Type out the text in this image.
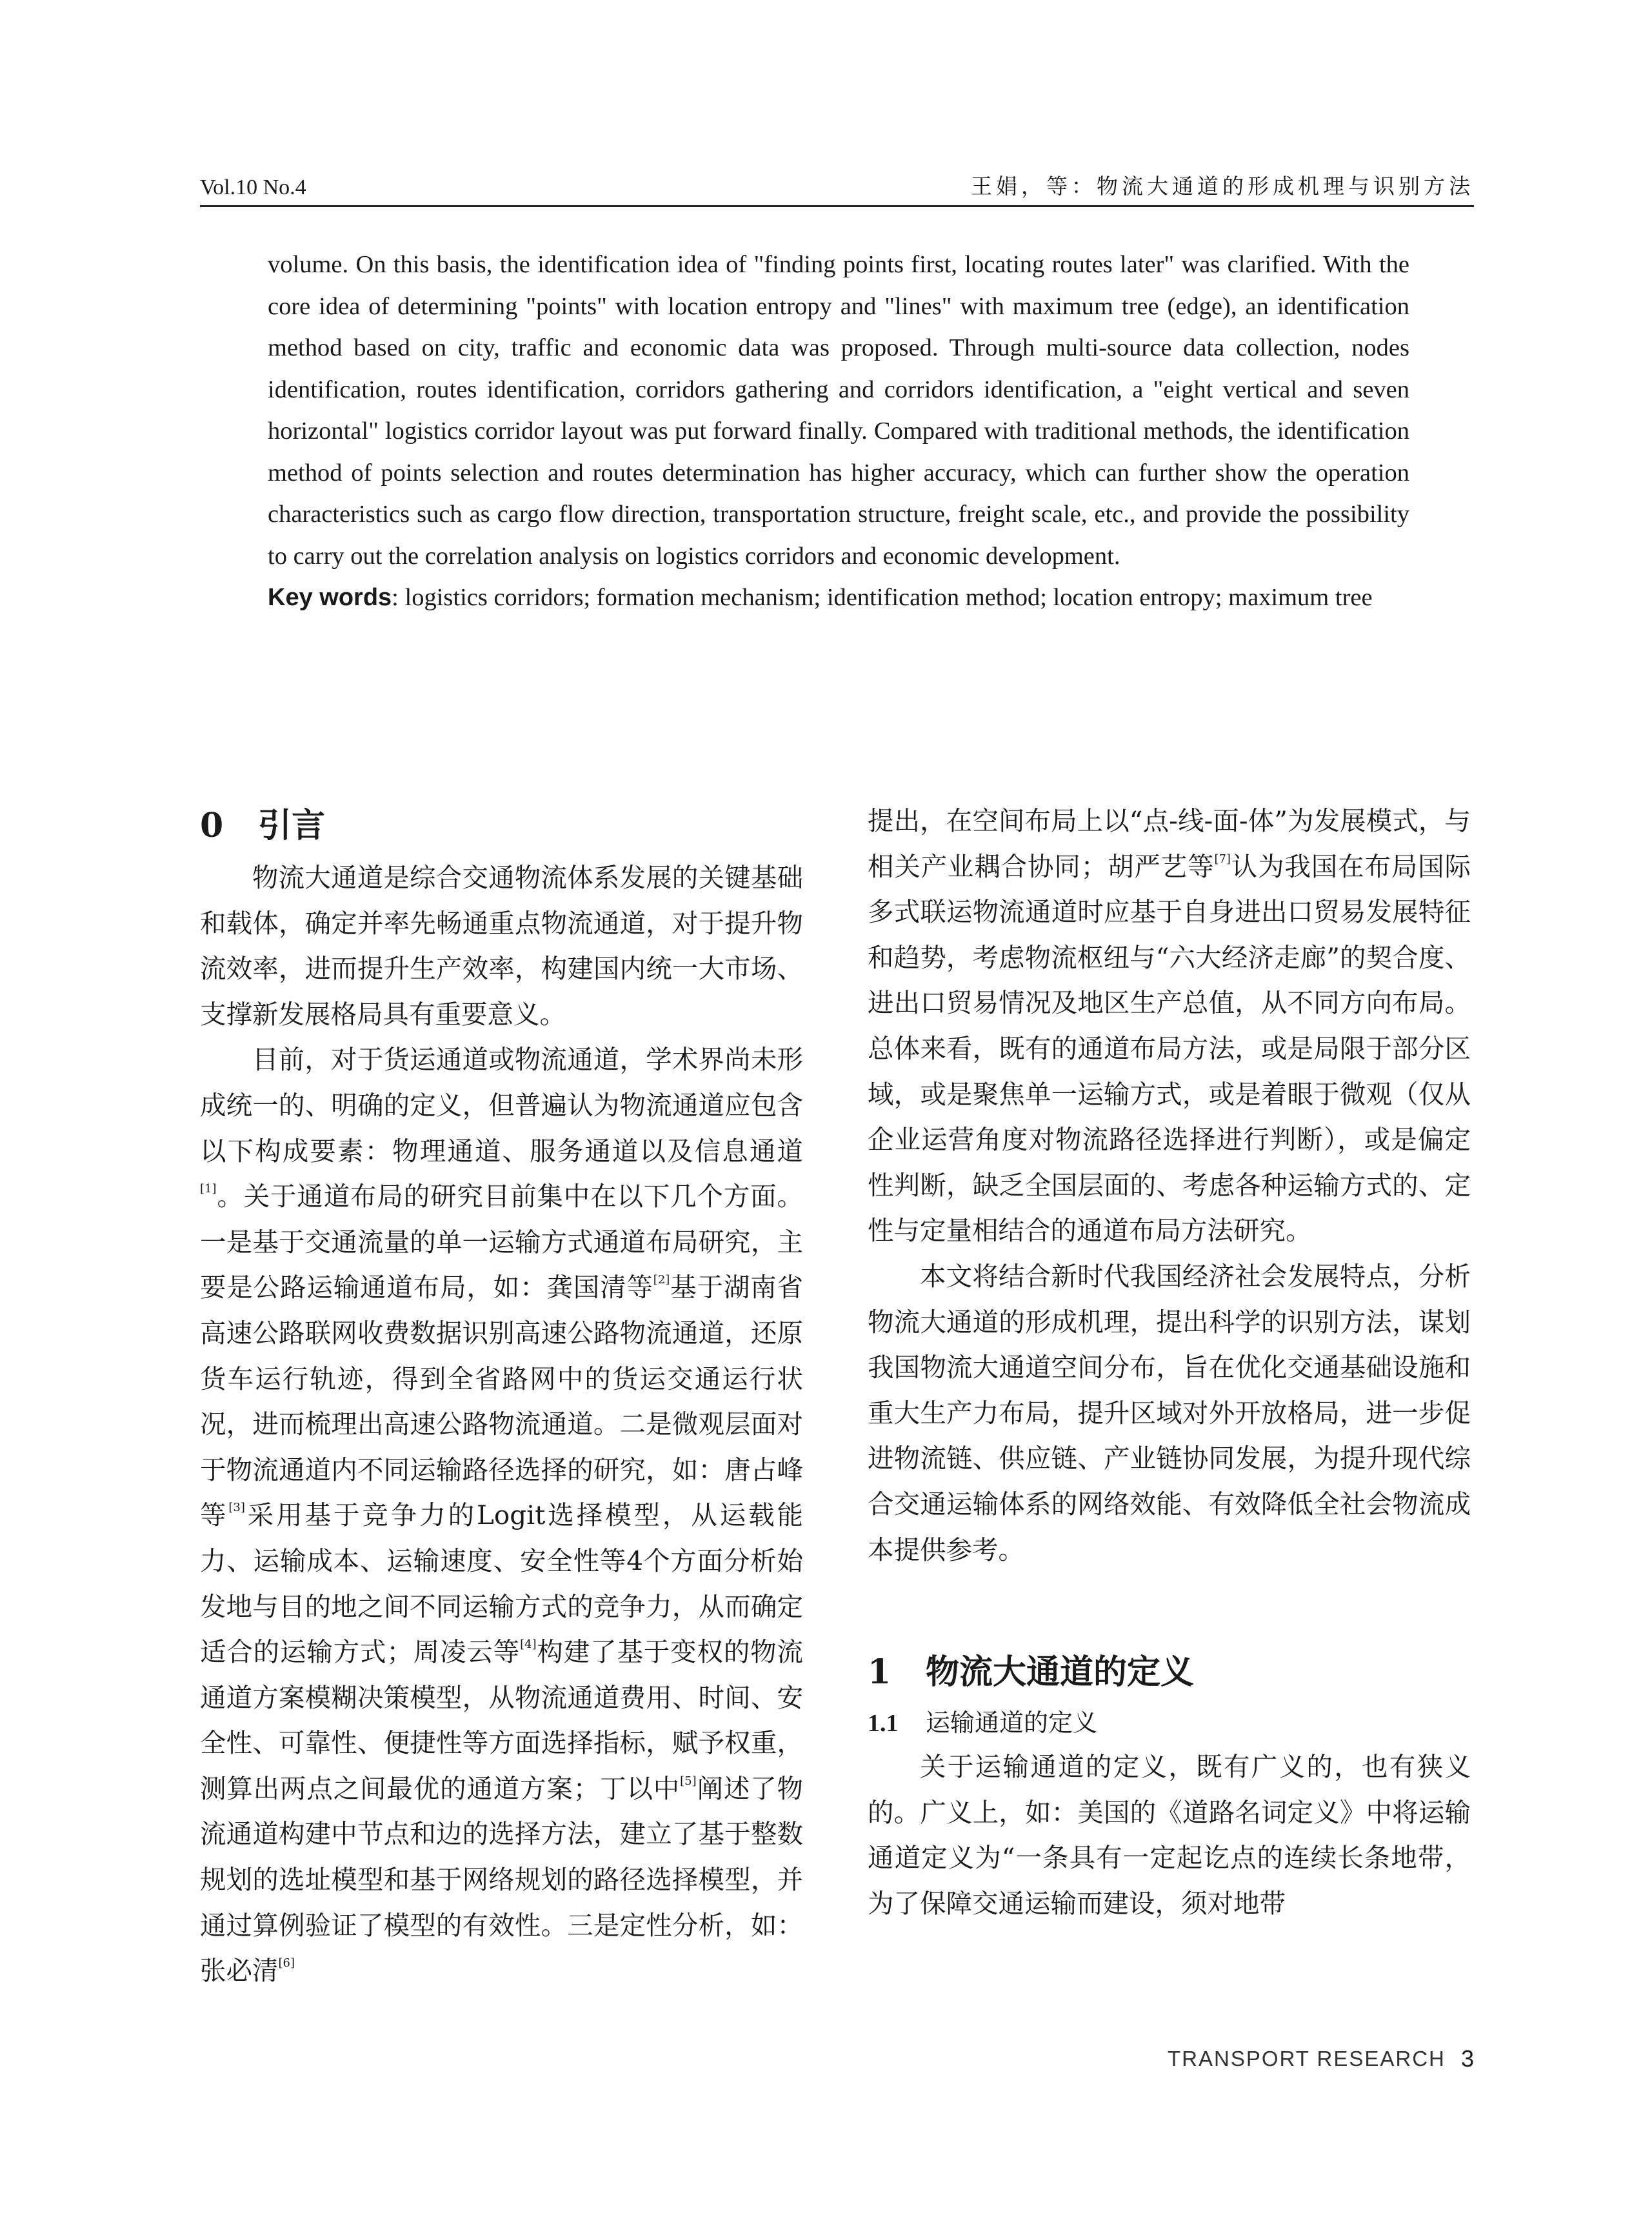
Vol.10 No.4	王娟，等：物流大通道的形成机理与识别方法

volume. On this basis, the identification idea of "finding points first, locating routes later" was clarified. With the core idea of determining "points" with location entropy and "lines" with maximum tree (edge), an identification method based on city, traffic and economic data was proposed. Through multi-source data collection, nodes identification, routes identification, corridors gathering and corridors identification, a "eight vertical and seven horizontal" logistics corridor layout was put forward finally. Compared with traditional methods, the identification method of points selection and routes determination has higher accuracy, which can further show the operation characteristics such as cargo flow direction, transportation structure, freight scale, etc., and provide the possibility to carry out the correlation analysis on logistics corridors and economic development.

Key words: logistics corridors; formation mechanism; identification method; location entropy; maximum tree

0 引言

物流大通道是综合交通物流体系发展的关键基础和载体，确定并率先畅通重点物流通道，对于提升物流效率，进而提升生产效率，构建国内统一大市场、支撑新发展格局具有重要意义。

目前，对于货运通道或物流通道，学术界尚未形成统一的、明确的定义，但普遍认为物流通道应包含以下构成要素：物理通道、服务通道以及信息通道[1]。关于通道布局的研究目前集中在以下几个方面。一是基于交通流量的单一运输方式通道布局研究，主要是公路运输通道布局，如：龚国清等[2]基于湖南省高速公路联网收费数据识别高速公路物流通道，还原货车运行轨迹，得到全省路网中的货运交通运行状况，进而梳理出高速公路物流通道。二是微观层面对于物流通道内不同运输路径选择的研究，如：唐占峰等[3]采用基于竞争力的Logit选择模型，从运载能力、运输成本、运输速度、安全性等4个方面分析始发地与目的地之间不同运输方式的竞争力，从而确定适合的运输方式；周凌云等[4]构建了基于变权的物流通道方案模糊决策模型，从物流通道费用、时间、安全性、可靠性、便捷性等方面选择指标，赋予权重，测算出两点之间最优的通道方案；丁以中[5]阐述了物流通道构建中节点和边的选择方法，建立了基于整数规划的选址模型和基于网络规划的路径选择模型，并通过算例验证了模型的有效性。三是定性分析，如：张必清[6]

提出，在空间布局上以“点-线-面-体”为发展模式，与相关产业耦合协同；胡严艺等[7]认为我国在布局国际多式联运物流通道时应基于自身进出口贸易发展特征和趋势，考虑物流枢纽与“六大经济走廊”的契合度、进出口贸易情况及地区生产总值，从不同方向布局。总体来看，既有的通道布局方法，或是局限于部分区域，或是聚焦单一运输方式，或是着眼于微观（仅从企业运营角度对物流路径选择进行判断），或是偏定性判断，缺乏全国层面的、考虑各种运输方式的、定性与定量相结合的通道布局方法研究。

本文将结合新时代我国经济社会发展特点，分析物流大通道的形成机理，提出科学的识别方法，谋划我国物流大通道空间分布，旨在优化交通基础设施和重大生产力布局，提升区域对外开放格局，进一步促进物流链、供应链、产业链协同发展，为提升现代综合交通运输体系的网络效能、有效降低全社会物流成本提供参考。

1 物流大通道的定义
1.1 运输通道的定义

关于运输通道的定义，既有广义的，也有狭义的。广义上，如：美国的《道路名词定义》中将运输通道定义为“一条具有一定起讫点的连续长条地带，为了保障交通运输而建设，须对地带

TRANSPORT RESEARCH 3
